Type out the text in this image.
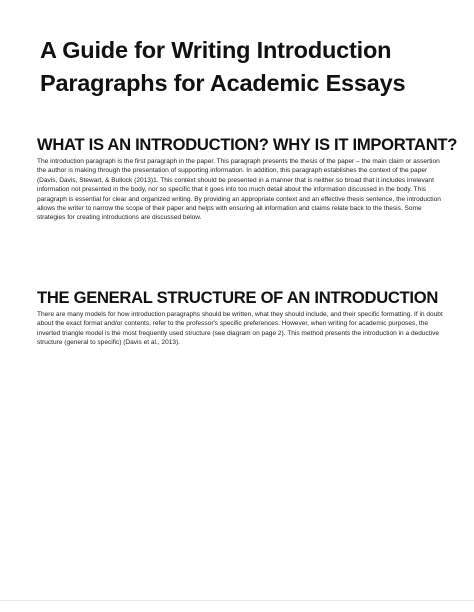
A Guide for Writing Introduction Paragraphs for Academic Essays
WHAT IS AN INTRODUCTION? WHY IS IT IMPORTANT?

The introduction paragraph is the first paragraph in the paper. This paragraph presents the thesis of the paper – the main claim or assertion the author is making through the presentation of supporting information. In addition, this paragraph establishes the context of the paper (Davis, Davis, Stewart, & Bullock (2013)1. This context should be presented in a manner that is neither so broad that it includes irrelevant information not presented in the body, nor so specific that it goes into too much detail about the information discussed in the body. This paragraph is essential for clear and organized writing. By providing an appropriate context and an effective thesis sentence, the introduction allows the writer to narrow the scope of their paper and helps with ensuring all information and claims relate back to the thesis. Some strategies for creating introductions are discussed below.

THE GENERAL STRUCTURE OF AN INTRODUCTION

There are many models for how introduction paragraphs should be written, what they should include, and their specific formatting. If in doubt about the exact format and/or contents, refer to the professor's specific preferences. However, when writing for academic purposes, the inverted triangle model is the most frequently used structure (see diagram on page 2). This method presents the introduction in a deductive structure (general to specific) (Davis et al., 2013).
